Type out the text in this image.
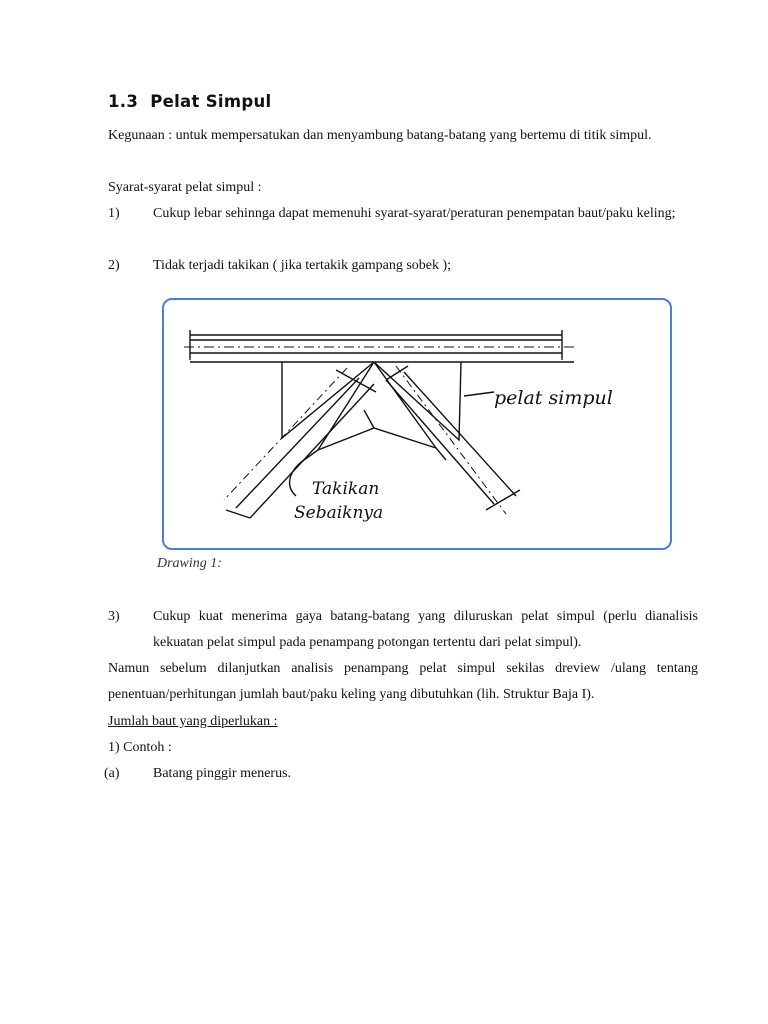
1.3  Pelat Simpul
Kegunaan : untuk mempersatukan dan menyambung batang-batang yang bertemu di titik simpul.
Syarat-syarat pelat simpul :
1) Cukup lebar sehinnga dapat memenuhi syarat-syarat/peraturan penempatan baut/paku keling;
2) Tidak terjadi takikan ( jika tertakik gampang sobek );
pelat simpul
Takikan
Sebaiknya
Drawing 1:
3) Cukup kuat menerima gaya batang-batang yang diluruskan pelat simpul (perlu dianalisis kekuatan pelat simpul pada penampang potongan tertentu dari pelat simpul).
Namun sebelum dilanjutkan analisis penampang pelat simpul sekilas dreview /ulang tentang penentuan/perhitungan jumlah baut/paku keling yang dibutuhkan (lih. Struktur Baja I).
Jumlah baut yang diperlukan :
1) Contoh :
(a) Batang pinggir menerus.
